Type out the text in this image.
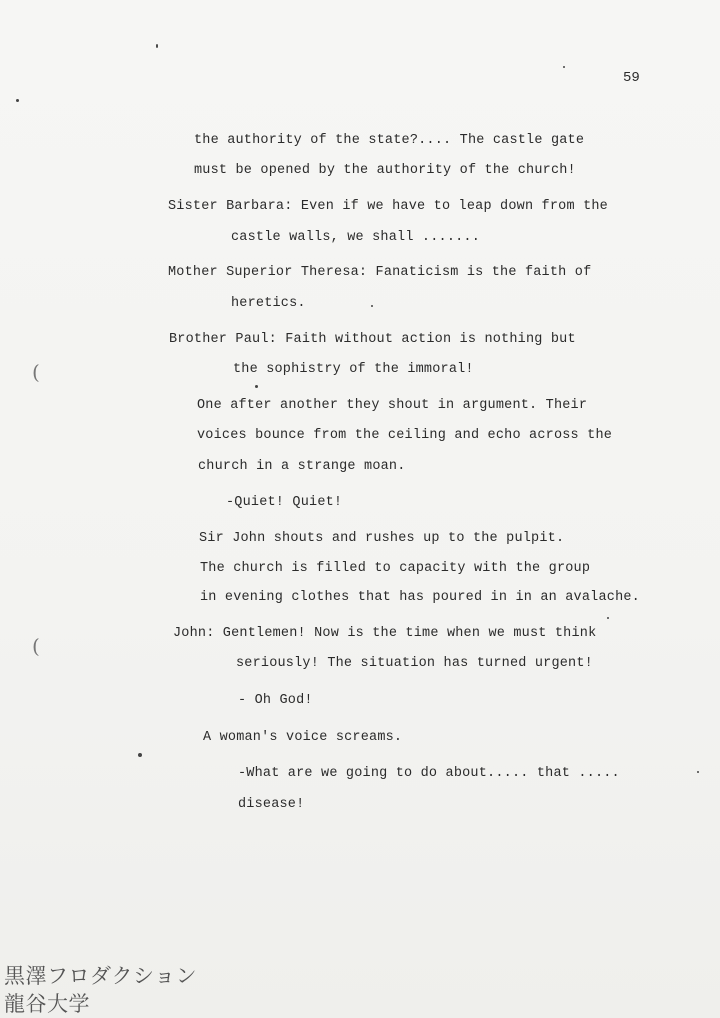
59
the authority of the state?.... The castle gate
must be opened by the authority of the church!
Sister Barbara: Even if we have to leap down from the
castle walls, we shall .......
Mother Superior Theresa: Fanaticism is the faith of
heretics.
Brother Paul: Faith without action is nothing but
the sophistry of the immoral!
One after another they shout in argument. Their
voices bounce from the ceiling and echo across the
church in a strange moan.
-Quiet! Quiet!
Sir John shouts and rushes up to the pulpit.
The church is filled to capacity with the group
in evening clothes that has poured in in an avalache.
John: Gentlemen! Now is the time when we must think
seriously! The situation has turned urgent!
- Oh God!
A woman's voice screams.
-What are we going to do about..... that .....
disease!
(
(
黒澤フロダクション
龍谷大学
